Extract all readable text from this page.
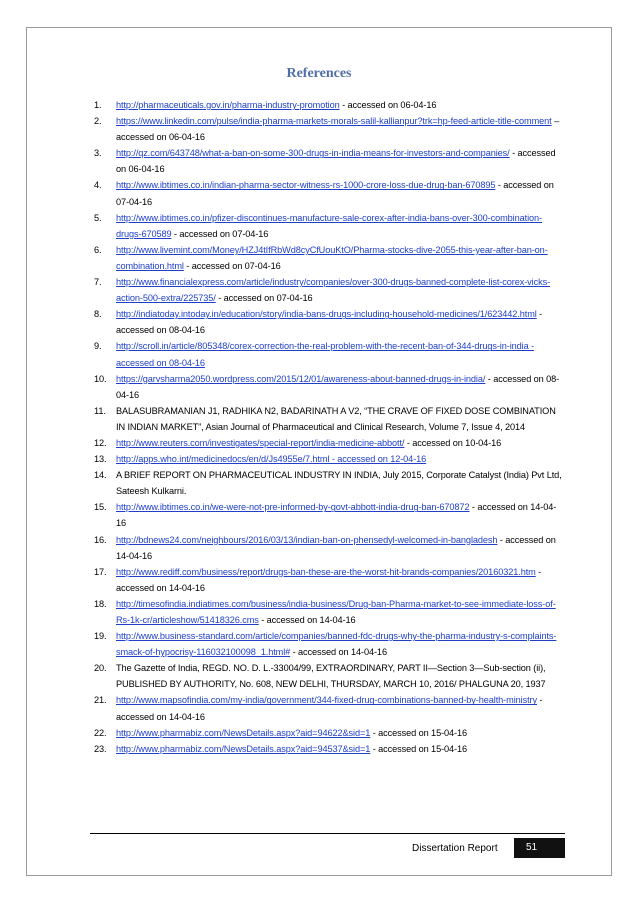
References
1.	http://pharmaceuticals.gov.in/pharma-industry-promotion - accessed on 06-04-16
2.	https://www.linkedin.com/pulse/india-pharma-markets-morals-salil-kallianpur?trk=hp-feed-article-title-comment –accessed on 06-04-16
3.	http://qz.com/643748/what-a-ban-on-some-300-drugs-in-india-means-for-investors-and-companies/ - accessed on 06-04-16
4.	http://www.ibtimes.co.in/indian-pharma-sector-witness-rs-1000-crore-loss-due-drug-ban-670895 - accessed on 07-04-16
5.	http://www.ibtimes.co.in/pfizer-discontinues-manufacture-sale-corex-after-india-bans-over-300-combination-drugs-670589 - accessed on 07-04-16
6.	http://www.livemint.com/Money/HZJ4tIfRbWd8cyCfUouKtO/Pharma-stocks-dive-2055-this-year-after-ban-on-combination.html - accessed on 07-04-16
7.	http://www.financialexpress.com/article/industry/companies/over-300-drugs-banned-complete-list-corex-vicks-action-500-extra/225735/ - accessed on 07-04-16
8.	http://indiatoday.intoday.in/education/story/india-bans-drugs-including-household-medicines/1/623442.html - accessed on 08-04-16
9.	http://scroll.in/article/805348/corex-correction-the-real-problem-with-the-recent-ban-of-344-drugs-in-india - accessed on 08-04-16
10.	https://garvsharma2050.wordpress.com/2015/12/01/awareness-about-banned-drugs-in-india/ - accessed on 08-04-16
11.	BALASUBRAMANIAN J1, RADHIKA N2, BADARINATH A V2, “THE CRAVE OF FIXED DOSE COMBINATION IN INDIAN MARKET”, Asian Journal of Pharmaceutical and Clinical Research, Volume 7, Issue 4, 2014
12.	http://www.reuters.com/investigates/special-report/india-medicine-abbott/ - accessed on 10-04-16
13.	http://apps.who.int/medicinedocs/en/d/Js4955e/7.html - accessed on 12-04-16
14.	A BRIEF REPORT ON PHARMACEUTICAL INDUSTRY IN INDIA, July 2015, Corporate Catalyst (India) Pvt Ltd, Sateesh Kulkarni.
15.	http://www.ibtimes.co.in/we-were-not-pre-informed-by-govt-abbott-india-drug-ban-670872 - accessed on 14-04-16
16.	http://bdnews24.com/neighbours/2016/03/13/indian-ban-on-phensedyl-welcomed-in-bangladesh - accessed on 14-04-16
17.	http://www.rediff.com/business/report/drugs-ban-these-are-the-worst-hit-brands-companies/20160321.htm - accessed on 14-04-16
18.	http://timesofindia.indiatimes.com/business/india-business/Drug-ban-Pharma-market-to-see-immediate-loss-of-Rs-1k-cr/articleshow/51418326.cms - accessed on 14-04-16
19.	http://www.business-standard.com/article/companies/banned-fdc-drugs-why-the-pharma-industry-s-complaints-smack-of-hypocrisy-116032100098_1.html# - accessed on 14-04-16
20.	The Gazette of India, REGD. NO. D. L.-33004/99, EXTRAORDINARY, PART II—Section 3—Sub-section (ii), PUBLISHED BY AUTHORITY, No. 608, NEW DELHI, THURSDAY, MARCH 10, 2016/ PHALGUNA 20, 1937
21.	http://www.mapsofindia.com/my-india/government/344-fixed-drug-combinations-banned-by-health-ministry - accessed on 14-04-16
22.	http://www.pharmabiz.com/NewsDetails.aspx?aid=94622&sid=1 - accessed on 15-04-16
23.	http://www.pharmabiz.com/NewsDetails.aspx?aid=94537&sid=1 - accessed on 15-04-16
Dissertation Report	51
